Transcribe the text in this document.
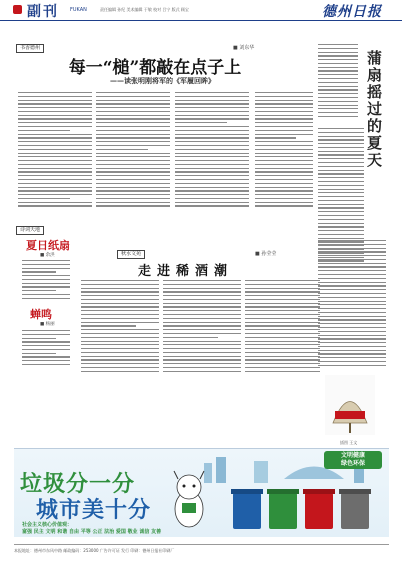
副刊 FUKAN	责任编辑 孙纪 美术编辑 于敏 校对 吕宁 版式 顾宝	德州日报
书香德州	■ 刘东华
每一“槌”都敲在点子上
——读张明刚将军的《军履回眸》	蒲扇摇过的夏天
诗词天地
夏日纸扇
■ 余洪
蝉鸣
■ 杨丽
秋水文苑	■ 孙莹莹
走进稀酒潮
插图 王文
文明健康
绿色环保
垃圾分一分
城市美十分
社会主义核心价值观：
富强 民主 文明 和谐 自由 平等 公正 法治 爱国 敬业 诚信 友善
本报地址：德州市东风中路 邮政编码：253000 广告许可证 发行 印刷：德州日报社印刷厂
